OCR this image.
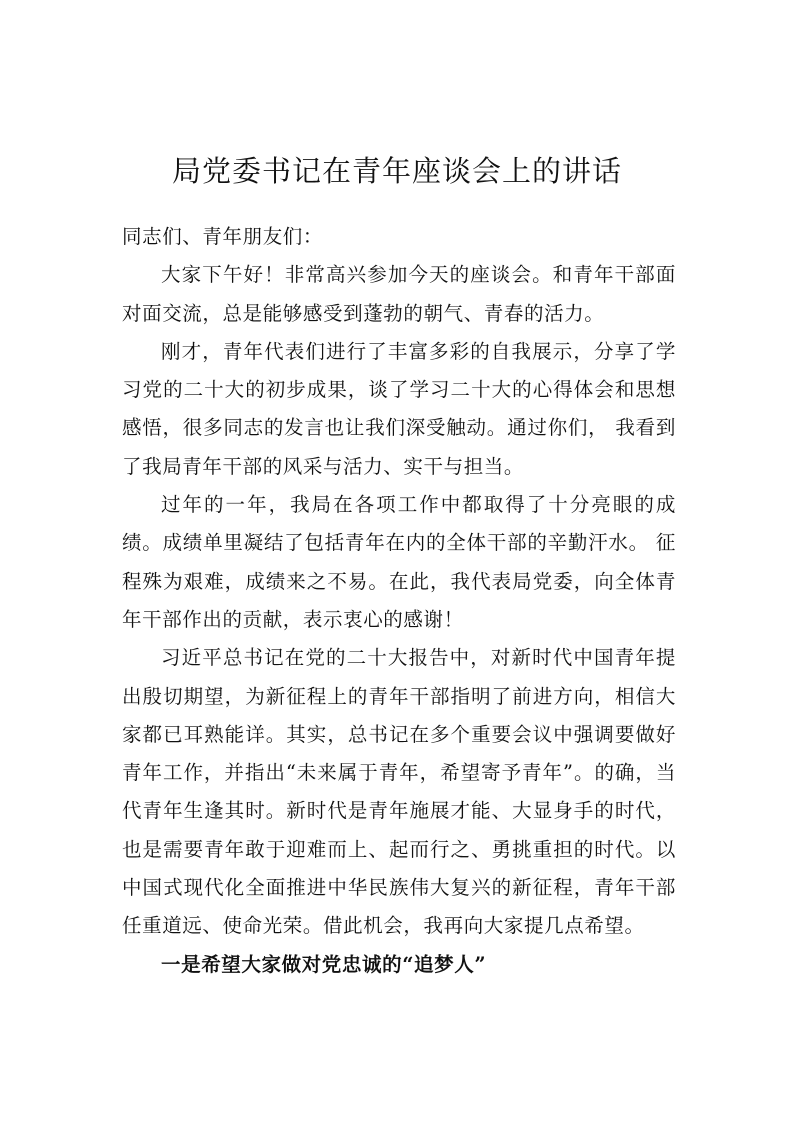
局党委书记在青年座谈会上的讲话

同志们、青年朋友们：

大家下午好！非常高兴参加今天的座谈会。和青年干部面对面交流，总是能够感受到蓬勃的朝气、青春的活力。

刚才，青年代表们进行了丰富多彩的自我展示，分享了学习党的二十大的初步成果，谈了学习二十大的心得体会和思想感悟，很多同志的发言也让我们深受触动。通过你们， 我看到了我局青年干部的风采与活力、实干与担当。

过年的一年，我局在各项工作中都取得了十分亮眼的成绩。成绩单里凝结了包括青年在内的全体干部的辛勤汗水。 征程殊为艰难，成绩来之不易。在此，我代表局党委，向全体青年干部作出的贡献，表示衷心的感谢！

习近平总书记在党的二十大报告中，对新时代中国青年提出殷切期望，为新征程上的青年干部指明了前进方向，相信大家都已耳熟能详。其实，总书记在多个重要会议中强调要做好青年工作，并指出“未来属于青年，希望寄予青年”。的确，当代青年生逢其时。新时代是青年施展才能、大显身手的时代，也是需要青年敢于迎难而上、起而行之、勇挑重担的时代。以中国式现代化全面推进中华民族伟大复兴的新征程，青年干部任重道远、使命光荣。借此机会，我再向大家提几点希望。

一是希望大家做对党忠诚的“追梦人”
